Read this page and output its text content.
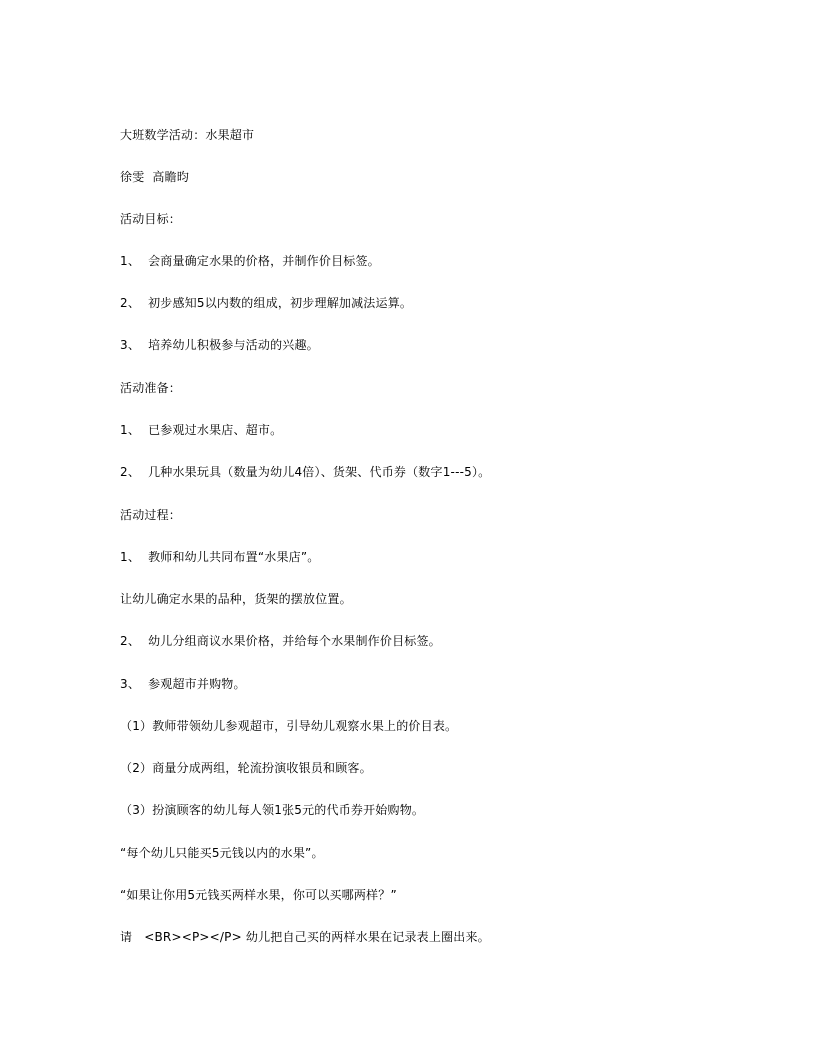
大班数学活动：水果超市
徐雯  高瞻昀
活动目标：
1、  会商量确定水果的价格，并制作价目标签。
2、  初步感知5以内数的组成，初步理解加减法运算。
3、  培养幼儿积极参与活动的兴趣。
活动准备：
1、  已参观过水果店、超市。
2、  几种水果玩具（数量为幼儿4倍）、货架、代币券（数字1---5）。
活动过程：
1、  教师和幼儿共同布置“水果店”。
让幼儿确定水果的品种，货架的摆放位置。
2、  幼儿分组商议水果价格，并给每个水果制作价目标签。
3、  参观超市并购物。
（1）教师带领幼儿参观超市，引导幼儿观察水果上的价目表。
（2）商量分成两组，轮流扮演收银员和顾客。
（3）扮演顾客的幼儿每人领1张5元的代币券开始购物。
“每个幼儿只能买5元钱以内的水果”。
“如果让你用5元钱买两样水果，你可以买哪两样？”
请   <BR><P></P> 幼儿把自己买的两样水果在记录表上圈出来。
